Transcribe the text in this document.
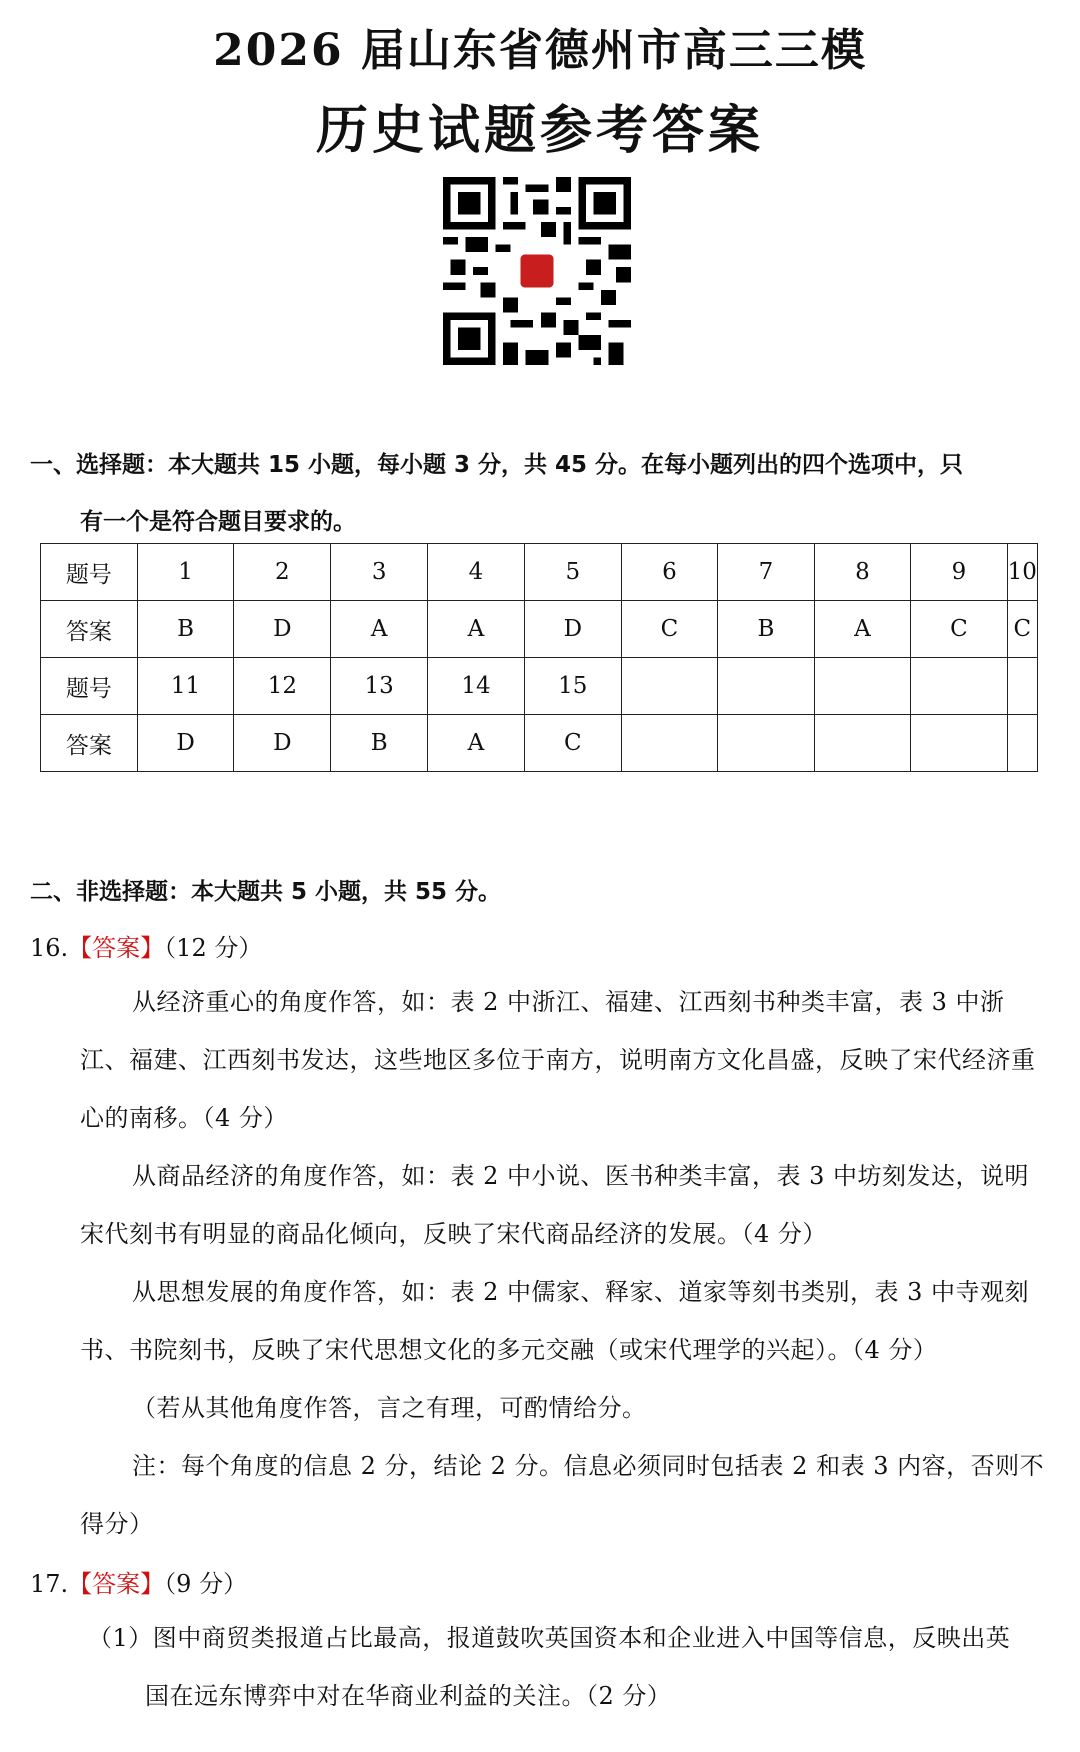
2026 届山东省德州市高三三模
历史试题参考答案
一、选择题：本大题共 15 小题，每小题 3 分，共 45 分。在每小题列出的四个选项中，只
有一个是符合题目要求的。
题号	1	2	3	4	5	6	7	8	9	10
答案	B	D	A	A	D	C	B	A	C	C
题号	11	12	13	14	15					
答案	D	D	B	A	C					
二、非选择题：本大题共 5 小题，共 55 分。
16.【答案】（12 分）

从经济重心的角度作答，如：表 2 中浙江、福建、江西刻书种类丰富，表 3 中浙江、福建、江西刻书发达，这些地区多位于南方，说明南方文化昌盛，反映了宋代经济重心的南移。（4 分）

从商品经济的角度作答，如：表 2 中小说、医书种类丰富，表 3 中坊刻发达，说明宋代刻书有明显的商品化倾向，反映了宋代商品经济的发展。（4 分）

从思想发展的角度作答，如：表 2 中儒家、释家、道家等刻书类别，表 3 中寺观刻书、书院刻书，反映了宋代思想文化的多元交融（或宋代理学的兴起）。（4 分）

（若从其他角度作答，言之有理，可酌情给分。

注：每个角度的信息 2 分，结论 2 分。信息必须同时包括表 2 和表 3 内容，否则不得分）

17.【答案】（9 分）

（1）图中商贸类报道占比最高，报道鼓吹英国资本和企业进入中国等信息，反映出英

国在远东博弈中对在华商业利益的关注。（2 分）
